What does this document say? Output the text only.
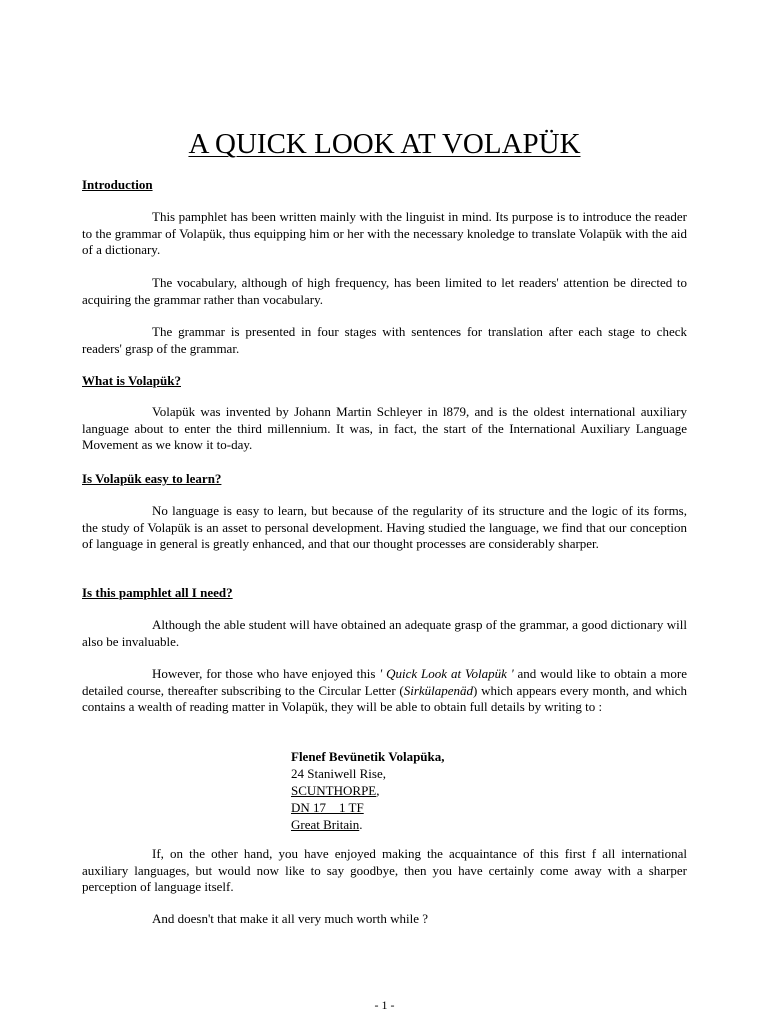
A QUICK LOOK AT VOLAPÜK
Introduction

This pamphlet has been written mainly with the linguist in mind. Its purpose is to introduce the reader to the grammar of Volapük, thus equipping him or her with the necessary knoledge to translate Volapük with the aid of a dictionary.

The vocabulary, although of high frequency, has been limited to let readers' attention be directed to acquiring the grammar rather than vocabulary.

The grammar is presented in four stages with sentences for translation after each stage to check readers' grasp of the grammar.

What is Volapük?

Volapük was invented by Johann Martin Schleyer in l879, and is the oldest international auxiliary language about to enter the third millennium. It was, in fact, the start of the International Auxiliary Language Movement as we know it to-day.

Is Volapük easy to learn?

No language is easy to learn, but because of the regularity of its structure and the logic of its forms, the study of Volapük is an asset to personal development. Having studied the language, we find that our conception of language in general is greatly enhanced, and that our thought processes are considerably sharper.

Is this pamphlet all I need?

Although the able student will have obtained an adequate grasp of the grammar, a good dictionary will also be invaluable.

However, for those who have enjoyed this ' Quick Look at Volapük ' and would like to obtain a more detailed course, thereafter subscribing to the Circular Letter (Sirkülapenäd) which appears every month, and which contains a wealth of reading matter in Volapük, they will be able to obtain full details by writing to :

Flenef Bevünetik Volapüka,
24 Staniwell Rise,
SCUNTHORPE,
DN 17    1 TF
Great Britain.

If, on the other hand, you have enjoyed making the acquaintance of this first f all international auxiliary languages, but would now like to say goodbye, then you have certainly come away with a sharper perception of language itself.

And doesn't that make it all very much worth while ?

- 1 -
